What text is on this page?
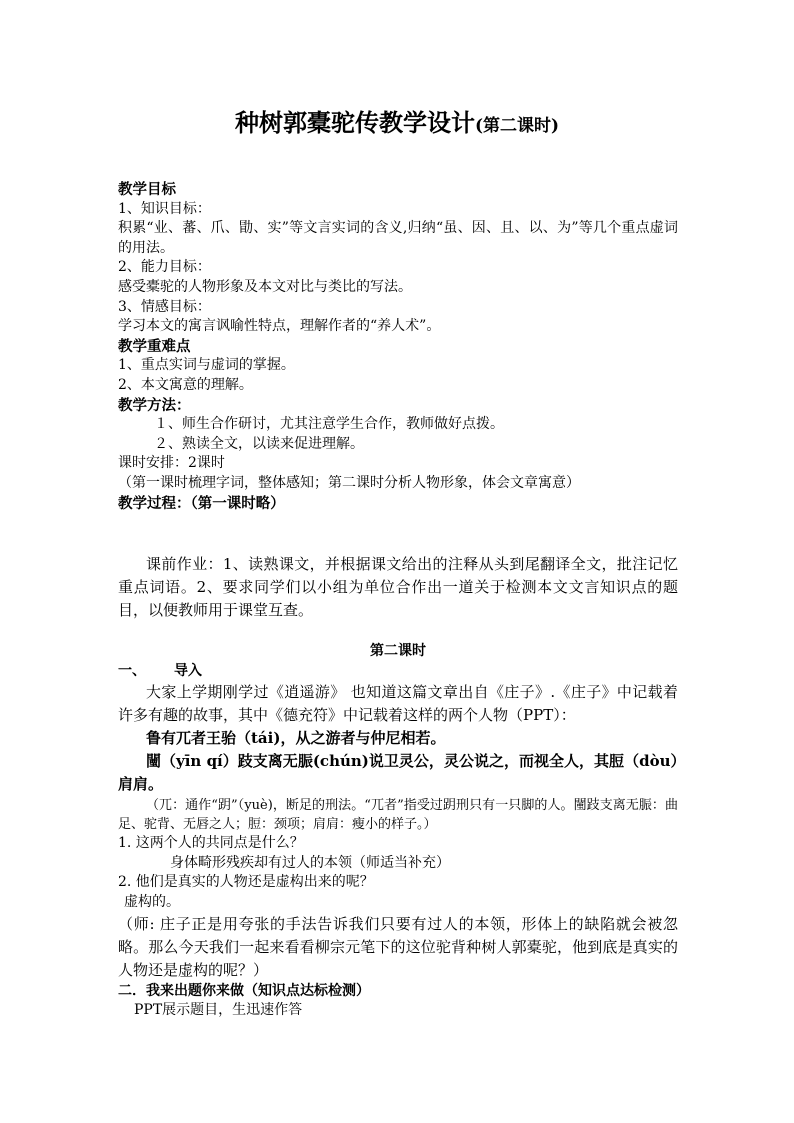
种树郭橐驼传教学设计(第二课时)

教学目标

1、知识目标：

积累“业、蕃、爪、勖、实”等文言实词的含义,归纳“虽、因、且、以、为”等几个重点虚词的用法。

2、能力目标：

感受橐驼的人物形象及本文对比与类比的写法。

3、情感目标：

学习本文的寓言讽喻性特点，理解作者的“养人术”。

教学重难点

1、重点实词与虚词的掌握。

2、本文寓意的理解。

教学方法：

１、师生合作研讨，尤其注意学生合作，教师做好点拨。

２、熟读全文，以读来促进理解。

课时安排：2课时

（第一课时梳理字词，整体感知；第二课时分析人物形象，体会文章寓意）

教学过程：（第一课时略）

课前作业：1、读熟课文，并根据课文给出的注释从头到尾翻译全文，批注记忆重点词语。2、要求同学们以小组为单位合作出一道关于检测本文文言知识点的题目，以便教师用于课堂互查。

第二课时

一、 导入

大家上学期刚学过《逍遥游》 也知道这篇文章出自《庄子》.《庄子》中记载着许多有趣的故事，其中《德充符》中记载着这样的两个人物（PPT）：

鲁有兀者王骀（tái)，从之游者与仲尼相若。

闉（yīn qí）跂支离无脤(chún)说卫灵公，灵公说之，而视全人，其脰（dòu）肩肩。

（兀：通作“跀”（yuè)，断足的刑法。“兀者”指受过跀刑只有一只脚的人。闉跂支离无脤：曲足、驼背、无唇之人；脰：颈项；肩肩：瘦小的样子。）

1. 这两个人的共同点是什么？

身体畸形残疾却有过人的本领（师适当补充）

2. 他们是真实的人物还是虚构出来的呢？

虚构的。

（师: 庄子正是用夸张的手法告诉我们只要有过人的本领，形体上的缺陷就会被忽略。那么今天我们一起来看看柳宗元笔下的这位驼背种树人郭橐驼，他到底是真实的人物还是虚构的呢？）

二．我来出题你来做（知识点达标检测）

PPT展示题目，生迅速作答
